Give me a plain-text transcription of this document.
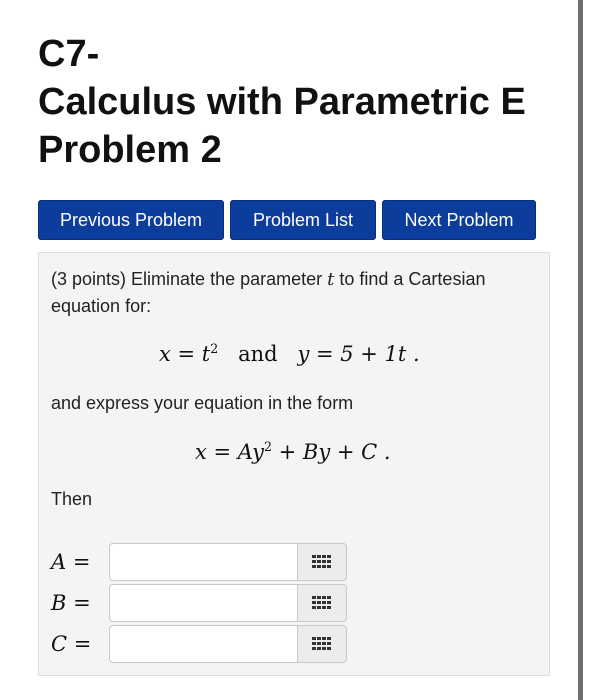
C7-
Calculus with Parametric E
Problem 2
Previous Problem	Problem List	Next Problem
(3 points) Eliminate the parameter t to find a Cartesian equation for:
$x = t^2$ and y = 5 + 1t .
and express your equation in the form
$x = Ay^2 + By + C$ .
Then
A =
B =
C =
